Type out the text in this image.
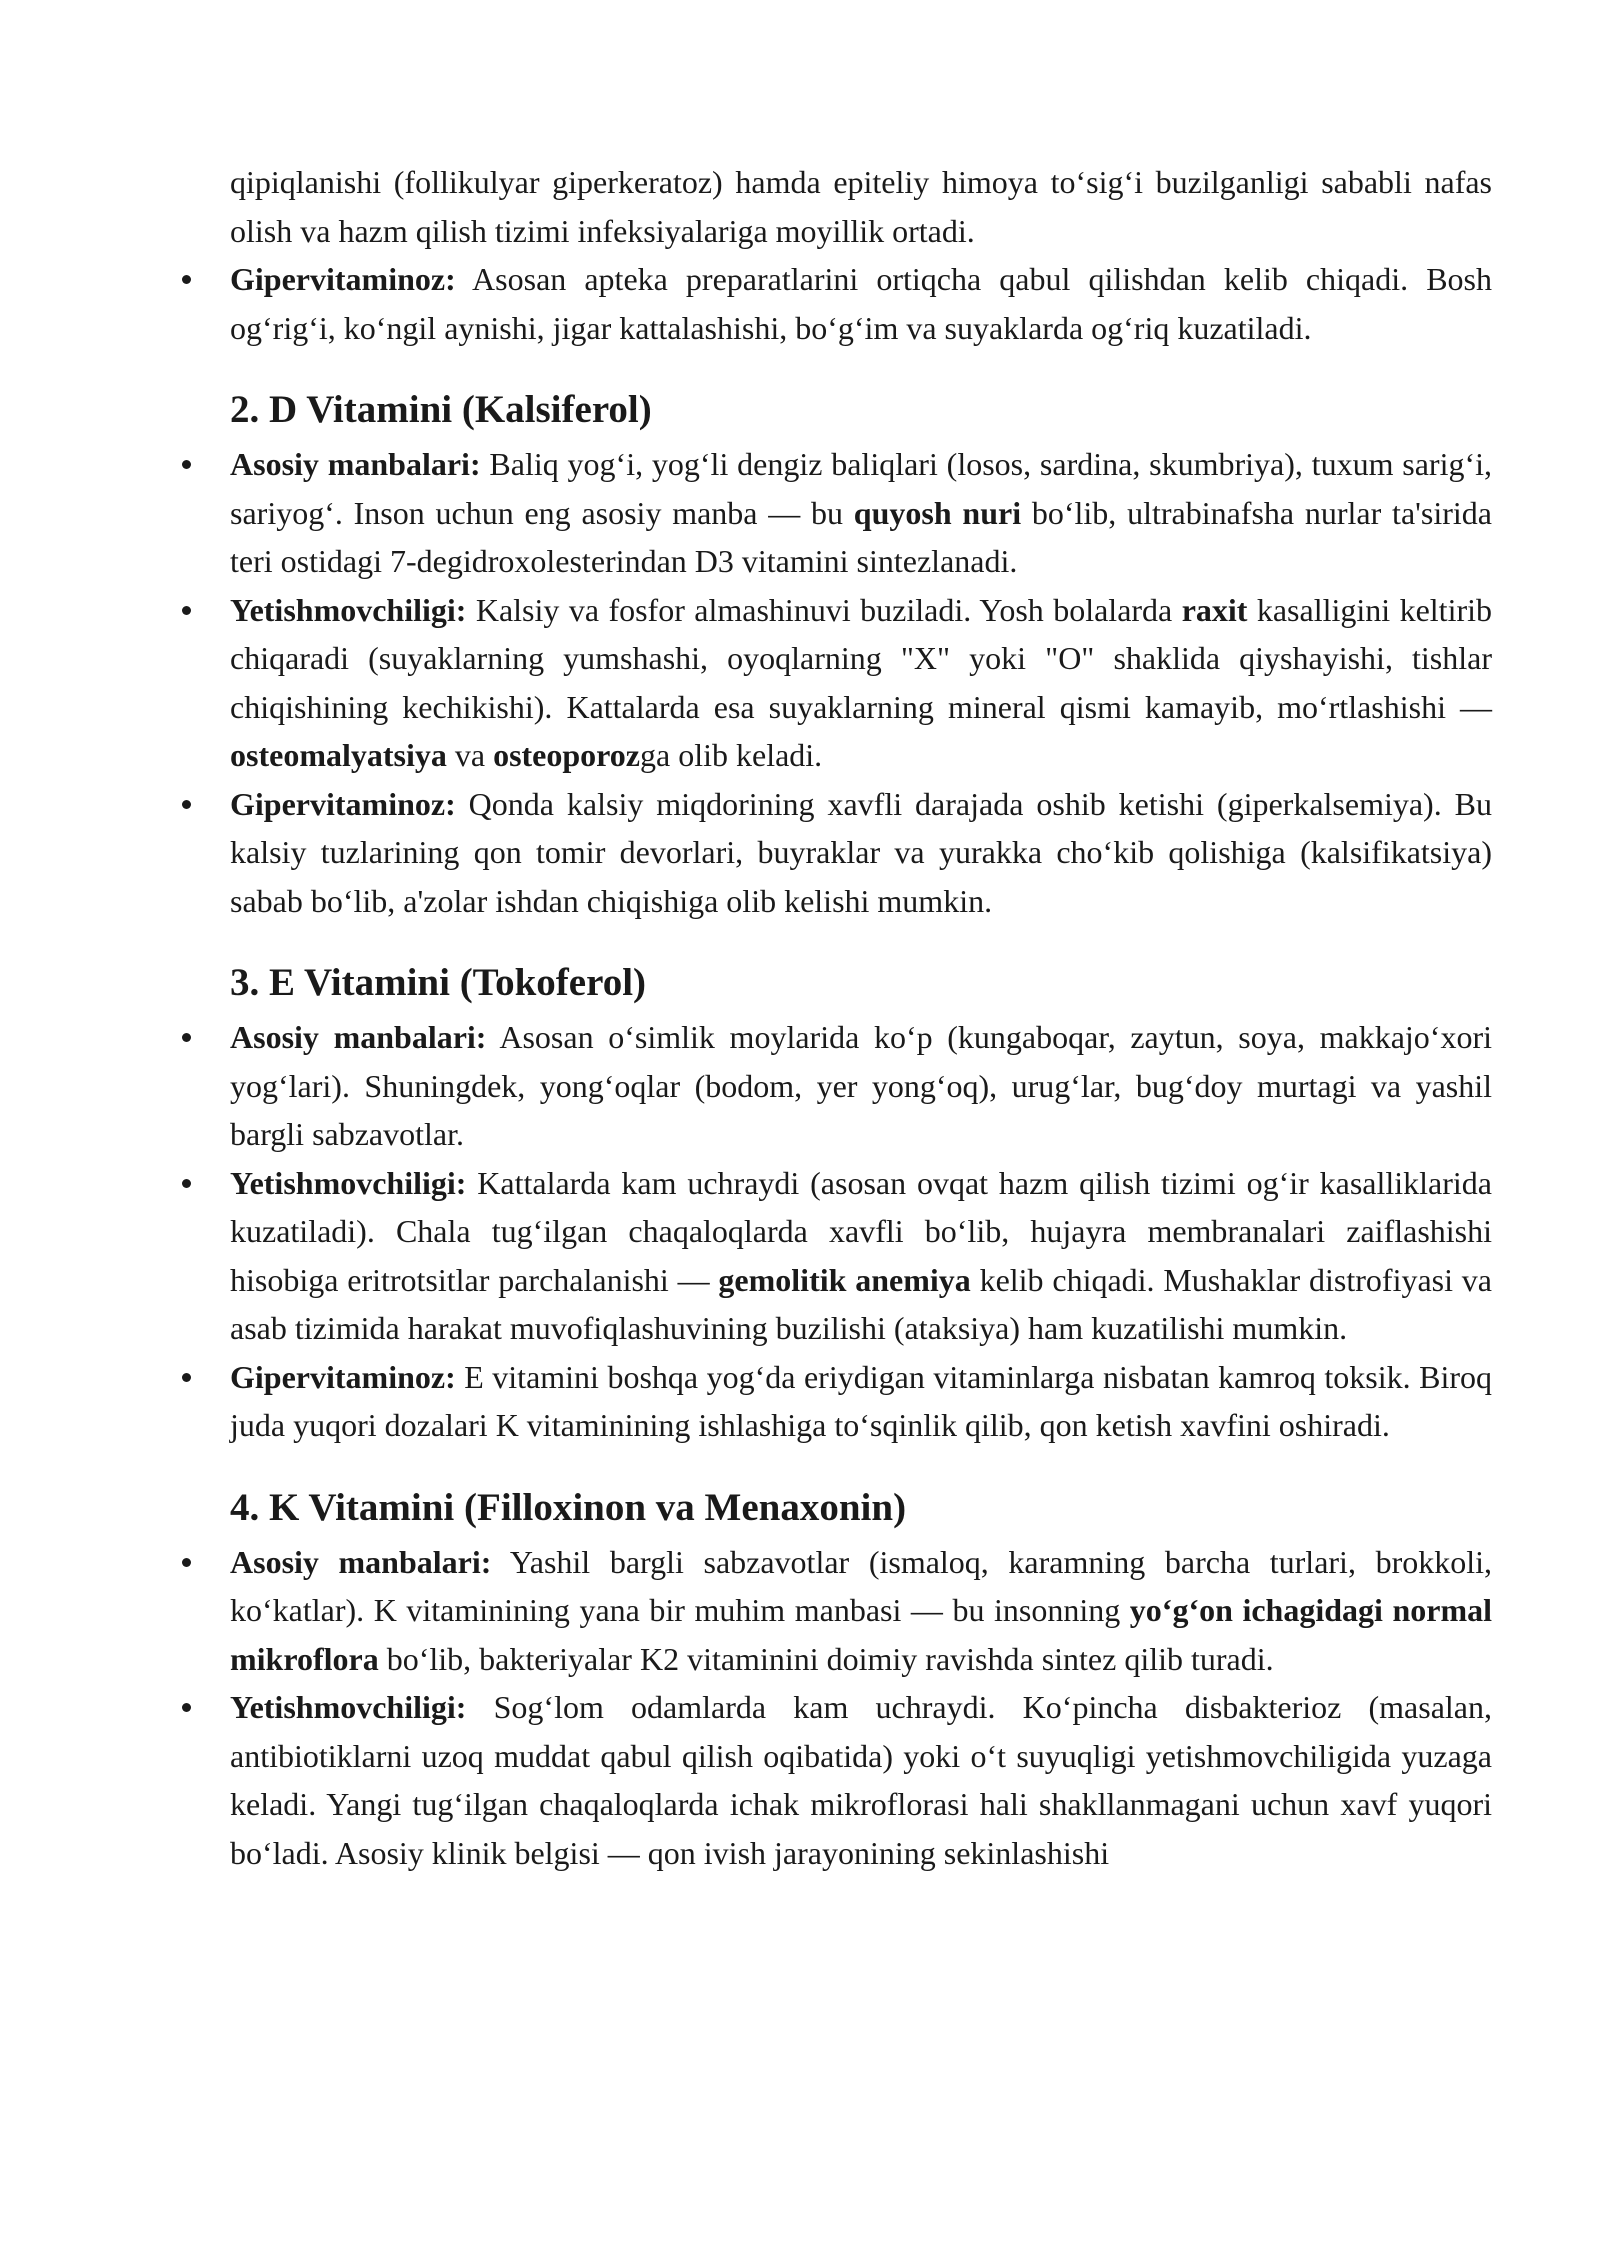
qipiqlanishi (follikulyar giperkeratoz) hamda epiteliy himoya to‘sig‘i buzilganligi sababli nafas olish va hazm qilish tizimi infeksiyalariga moyillik ortadi.

Gipervitaminoz: Asosan apteka preparatlarini ortiqcha qabul qilishdan kelib chiqadi. Bosh og‘rig‘i, ko‘ngil aynishi, jigar kattalashishi, bo‘g‘im va suyaklarda og‘riq kuzatiladi.
2. D Vitamini (Kalsiferol)
Asosiy manbalari: Baliq yog‘i, yog‘li dengiz baliqlari (losos, sardina, skumbriya), tuxum sarig‘i, sariyog‘. Inson uchun eng asosiy manba — bu quyosh nuri bo‘lib, ultrabinafsha nurlar ta'sirida teri ostidagi 7-degidroxolesterindan D3 vitamini sintezlanadi.
Yetishmovchiligi: Kalsiy va fosfor almashinuvi buziladi. Yosh bolalarda raxit kasalligini keltirib chiqaradi (suyaklarning yumshashi, oyoqlarning "X" yoki "O" shaklida qiyshayishi, tishlar chiqishining kechikishi). Kattalarda esa suyaklarning mineral qismi kamayib, mo‘rtlashishi — osteomalyatsiya va osteoporozga olib keladi.
Gipervitaminoz: Qonda kalsiy miqdorining xavfli darajada oshib ketishi (giperkalsemiya). Bu kalsiy tuzlarining qon tomir devorlari, buyraklar va yurakka cho‘kib qolishiga (kalsifikatsiya) sabab bo‘lib, a'zolar ishdan chiqishiga olib kelishi mumkin.
3. E Vitamini (Tokoferol)
Asosiy manbalari: Asosan o‘simlik moylarida ko‘p (kungaboqar, zaytun, soya, makkajo‘xori yog‘lari). Shuningdek, yong‘oqlar (bodom, yer yong‘oq), urug‘lar, bug‘doy murtagi va yashil bargli sabzavotlar.
Yetishmovchiligi: Kattalarda kam uchraydi (asosan ovqat hazm qilish tizimi og‘ir kasalliklarida kuzatiladi). Chala tug‘ilgan chaqaloqlarda xavfli bo‘lib, hujayra membranalari zaiflashishi hisobiga eritrotsitlar parchalanishi — gemolitik anemiya kelib chiqadi. Mushaklar distrofiyasi va asab tizimida harakat muvofiqlashuvining buzilishi (ataksiya) ham kuzatilishi mumkin.
Gipervitaminoz: E vitamini boshqa yog‘da eriydigan vitaminlarga nisbatan kamroq toksik. Biroq juda yuqori dozalari K vitaminining ishlashiga to‘sqinlik qilib, qon ketish xavfini oshiradi.
4. K Vitamini (Filloxinon va Menaxonin)
Asosiy manbalari: Yashil bargli sabzavotlar (ismaloq, karamning barcha turlari, brokkoli, ko‘katlar). K vitaminining yana bir muhim manbasi — bu insonning yo‘g‘on ichagidagi normal mikroflora bo‘lib, bakteriyalar K2 vitaminini doimiy ravishda sintez qilib turadi.
Yetishmovchiligi: Sog‘lom odamlarda kam uchraydi. Ko‘pincha disbakterioz (masalan, antibiotiklarni uzoq muddat qabul qilish oqibatida) yoki o‘t suyuqligi yetishmovchiligida yuzaga keladi. Yangi tug‘ilgan chaqaloqlarda ichak mikroflorasi hali shakllanmagani uchun xavf yuqori bo‘ladi. Asosiy klinik belgisi — qon ivish jarayonining sekinlashishi
